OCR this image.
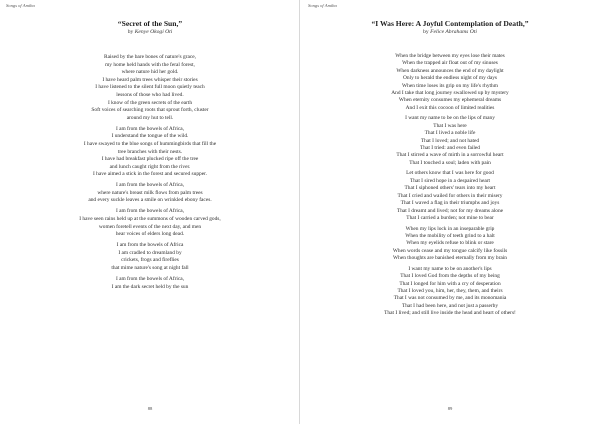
Songs of Amiba
“Secret of the Sun,”
by Kenye Okogi Oti
Raised by the bare bones of nature's grace,
my home held hands with the feral forest,
where nature hid her gold.
I have heard palm trees whisper their stories
I have listened to the silent full moon quietly teach
lessons of those who had lived.
I know of the green secrets of the earth
Soft voices of searching roots that sprout forth, cluster
around my hut to tell.
I am from the bowels of Africa,
I understand the tongue of the wild.
I have swayed to the blue songs of hummingbirds that fill the
tree branches with their nests.
I have had breakfast plucked ripe off the tree
and lunch caught right from the river.
I have aimed a stick in the forest and secured supper.
I am from the bowels of Africa,
where nature's breast milk flows from palm trees
and every suckle leaves a smile on wrinkled ebony faces.
I am from the bowels of Africa,
I have seen rains held up at the summons of wooden carved gods,
women foretell events of the next day, and men
hear voices of elders long dead.
I am from the bowels of Africa
I am cradled to dreamland by
crickets, frogs and fireflies
that mime nature's song at night fall
I am from the bowels of Africa,
I am the dark secret held by the sun
88
Songs of Amiba
“I Was Here: A Joyful Contemplation of Death,”
by Felice Abrahams Oti
When the bridge between my eyes lose their mates
When the trapped air float out of my sinuses
When darkness announces the end of my daylight
Only to herald the endless night of my days
When time loses its grip on my life's rhythm
And I take that long journey swallowed up by mystery
When eternity consumes my ephemeral dreams
And I exit this cocoon of limited realities
I want my name to be on the lips of many
That I was here
That I lived a noble life
That I loved; and not hated
That I tried: and even failed
That I stirred a wave of mirth in a sorrowful heart
That I touched a soul; laden with pain
Let others know that I was here for good
That I sired hope in a despaired heart
That I siphoned others' tears into my heart
That I cried and wailed for others in their misery
That I waved a flag in their triumphs and joys
That I dreamt and lived; not for my dreams alone
That I carried a burden; not mine to bear
When my lips lock in an inseparable grip
When the mobility of teeth grind to a halt
When my eyelids refuse to blink or stare
When words cease and my tongue calcify like fossils
When thoughts are banished eternally from my brain
I want my name to be on another's lips
That I loved God from the depths of my being
That I longed for him with a cry of desperation
That I loved you, him, her, they, them, and theirs
That I was not consumed by me, and its monomania
That I had been here, and not just a passerby
That I lived; and still live inside the head and heart of others!
89
